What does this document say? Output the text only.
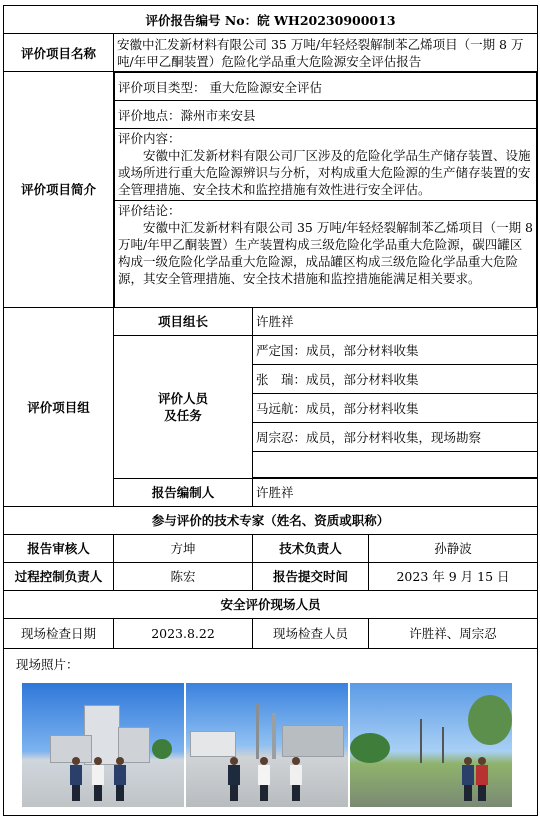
评价报告编号 No：皖 WH20230900013
评价项目名称	安徽中汇发新材料有限公司 35 万吨/年轻烃裂解制苯乙烯项目（一期 8 万吨/年甲乙酮装置）危险化学品重大危险源安全评估报告
评价项目简介	
评价项目类型： 重大危险源安全评估
评价地点：滁州市来安县

评价内容：
安徽中汇发新材料有限公司厂区涉及的危险化学品生产储存装置、设施或场所进行重大危险源辨识与分析，对构成重大危险源的生产储存装置的安全管理措施、安全技术和监控措施有效性进行安全评估。

评价结论：
安徽中汇发新材料有限公司 35 万吨/年轻烃裂解制苯乙烯项目（一期 8 万吨/年甲乙酮装置）生产装置构成三级危险化学品重大危险源，碳四罐区构成一级危险化学品重大危险源，成品罐区构成三级危险化学品重大危险源，其安全管理措施、安全技术措施和监控措施能满足相关要求。

评价项目组	项目组长	许胜祥
评价人员
及任务	严定国：成员，部分材料收集
张　瑞：成员，部分材料收集
马远航：成员，部分材料收集
周宗忍：成员，部分材料收集，现场勘察

报告编制人	许胜祥
参与评价的技术专家（姓名、资质或职称）
报告审核人	方坤	技术负责人	孙静波
过程控制负责人	陈宏	报告提交时间	2023 年 9 月 15 日
安全评价现场人员
现场检查日期	2023.8.22	现场检查人员	许胜祥、周宗忍

现场照片：
